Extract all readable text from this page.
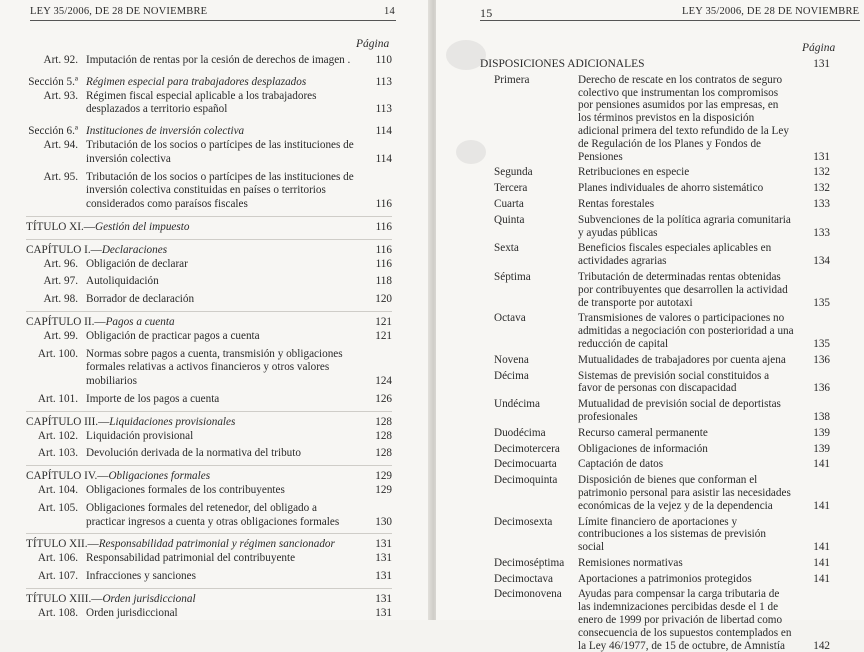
LEY 35/2006, DE 28 DE NOVIEMBRE	14
Página
Art. 92. Imputación de rentas por la cesión de derechos de imagen .	110
Sección 5.ª Régimen especial para trabajadores desplazados	113
Art. 93. Régimen fiscal especial aplicable a los trabajadores desplazados a territorio español	113
Sección 6.ª Instituciones de inversión colectiva	114
Art. 94. Tributación de los socios o partícipes de las instituciones de inversión colectiva	114
Art. 95. Tributación de los socios o partícipes de las instituciones de inversión colectiva constituidas en países o territorios considerados como paraísos fiscales	116
TÍTULO XI.—Gestión del impuesto	116
CAPÍTULO I.—Declaraciones	116
Art. 96. Obligación de declarar	116
Art. 97. Autoliquidación	118
Art. 98. Borrador de declaración	120
CAPÍTULO II.—Pagos a cuenta	121
Art. 99. Obligación de practicar pagos a cuenta	121
Art. 100. Normas sobre pagos a cuenta, transmisión y obligaciones formales relativas a activos financieros y otros valores mobiliarios	124
Art. 101. Importe de los pagos a cuenta	126
CAPÍTULO III.—Liquidaciones provisionales	128
Art. 102. Liquidación provisional	128
Art. 103. Devolución derivada de la normativa del tributo	128
CAPÍTULO IV.—Obligaciones formales	129
Art. 104. Obligaciones formales de los contribuyentes	129
Art. 105. Obligaciones formales del retenedor, del obligado a practicar ingresos a cuenta y otras obligaciones formales	130
TÍTULO XII.—Responsabilidad patrimonial y régimen sancionador	131
Art. 106. Responsabilidad patrimonial del contribuyente	131
Art. 107. Infracciones y sanciones	131
TÍTULO XIII.—Orden jurisdiccional	131
Art. 108. Orden jurisdiccional	131
15	LEY 35/2006, DE 28 DE NOVIEMBRE
Página
DISPOSICIONES ADICIONALES	131
Primera	Derecho de rescate en los contratos de seguro colectivo que instrumentan los compromisos por pensiones asumidos por las empresas, en los términos previstos en la disposición adicional primera del texto refundido de la Ley de Regulación de los Planes y Fondos de Pensiones	131
Segunda	Retribuciones en especie	132
Tercera	Planes individuales de ahorro sistemático	132
Cuarta	Rentas forestales	133
Quinta	Subvenciones de la política agraria comunitaria y ayudas públicas	133
Sexta	Beneficios fiscales especiales aplicables en actividades agrarias	134
Séptima	Tributación de determinadas rentas obtenidas por contribuyentes que desarrollen la actividad de transporte por autotaxi	135
Octava	Transmisiones de valores o participaciones no admitidas a negociación con posterioridad a una reducción de capital	135
Novena	Mutualidades de trabajadores por cuenta ajena	136
Décima	Sistemas de previsión social constituidos a favor de personas con discapacidad	136
Undécima	Mutualidad de previsión social de deportistas profesionales	138
Duodécima	Recurso cameral permanente	139
Decimotercera	Obligaciones de información	139
Decimocuarta	Captación de datos	141
Decimoquinta	Disposición de bienes que conforman el patrimonio personal para asistir las necesidades económicas de la vejez y de la dependencia	141
Decimosexta	Límite financiero de aportaciones y contribuciones a los sistemas de previsión social	141
Decimoséptima	Remisiones normativas	141
Decimoctava	Aportaciones a patrimonios protegidos	141
Decimonovena	Ayudas para compensar la carga tributaria de las indemnizaciones percibidas desde el 1 de enero de 1999 por privación de libertad como consecuencia de los supuestos contemplados en la Ley 46/1977, de 15 de octubre, de Amnistía	142
